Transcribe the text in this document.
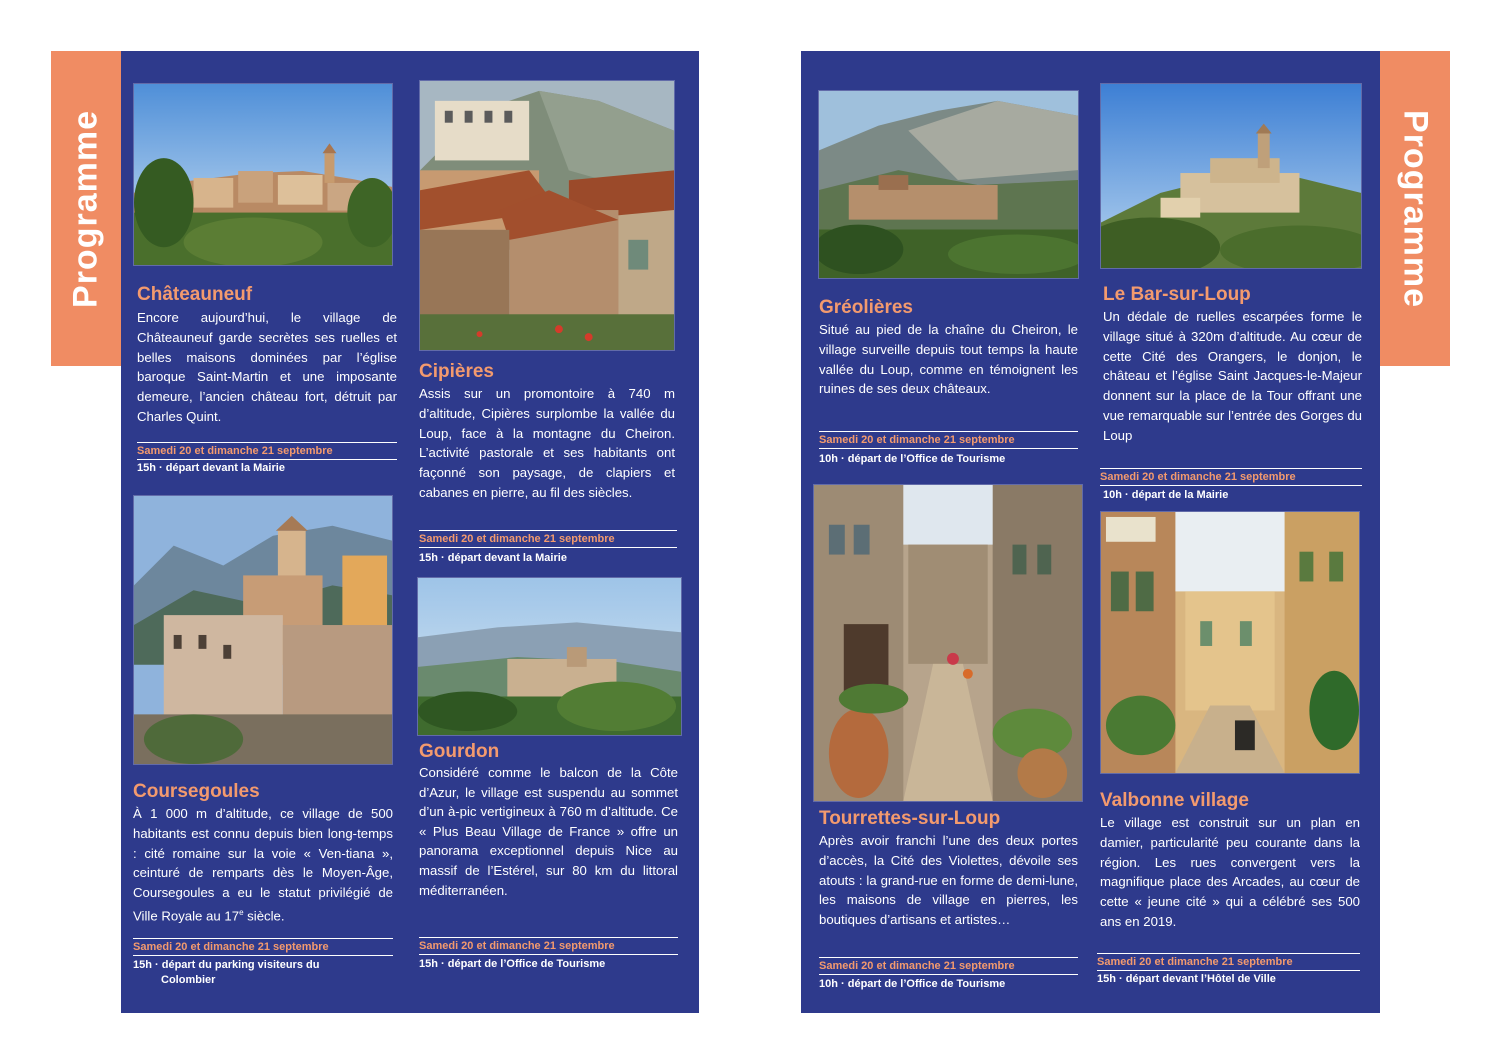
Programme	Programme
Châteauneuf
Encore aujourd’hui, le village de Châteauneuf garde secrètes ses ruelles et belles maisons dominées par l’église baroque Saint-Martin et une imposante demeure, l’ancien château fort, détruit par Charles Quint.
Samedi 20 et dimanche 21 septembre
15h · départ devant la Mairie
Cipières
Assis sur un promontoire à 740 m d’altitude, Cipières surplombe la vallée du Loup, face à la montagne du Cheiron. L’activité pastorale et ses habitants ont façonné son paysage, de clapiers et cabanes en pierre, au fil des siècles.
Samedi 20 et dimanche 21 septembre
15h · départ devant la Mairie
Coursegoules
À 1 000 m d’altitude, ce village de 500 habitants est connu depuis bien long-temps : cité romaine sur la voie « Ven-tiana », ceinturé de remparts dès le Moyen-Âge, Coursegoules a eu le statut privilégié de Ville Royale au 17e siècle.
Samedi 20 et dimanche 21 septembre
15h · départ du parking visiteurs du
Colombier
Gourdon
Considéré comme le balcon de la Côte d’Azur, le village est suspendu au sommet d’un à-pic vertigineux à 760 m d’altitude. Ce « Plus Beau Village de France » offre un panorama exceptionnel depuis Nice au massif de l’Estérel, sur 80 km du littoral méditerranéen.
Samedi 20 et dimanche 21 septembre
15h · départ de l’Office de Tourisme
Gréolières
Situé au pied de la chaîne du Cheiron, le village surveille depuis tout temps la haute vallée du Loup, comme en témoignent les ruines de ses deux châteaux.
Samedi 20 et dimanche 21 septembre
10h · départ de l’Office de Tourisme
Le Bar-sur-Loup
Un dédale de ruelles escarpées forme le village situé à 320m d’altitude. Au cœur de cette Cité des Orangers, le donjon, le château et l’église Saint Jacques-le-Majeur donnent sur la place de la Tour offrant une vue remarquable sur l’entrée des Gorges du Loup
Samedi 20 et dimanche 21 septembre
10h · départ de la Mairie
Tourrettes-sur-Loup
Après avoir franchi l’une des deux portes d’accès, la Cité des Violettes, dévoile ses atouts : la grand-rue en forme de demi-lune, les maisons de village en pierres, les boutiques d’artisans et artistes…
Samedi 20 et dimanche 21 septembre
10h · départ de l’Office de Tourisme
Valbonne village
Le village est construit sur un plan en damier, particularité peu courante dans la région. Les rues convergent vers la magnifique place des Arcades, au cœur de cette « jeune cité » qui a célébré ses 500 ans en 2019.
Samedi 20 et dimanche 21 septembre
15h · départ devant l’Hôtel de Ville
